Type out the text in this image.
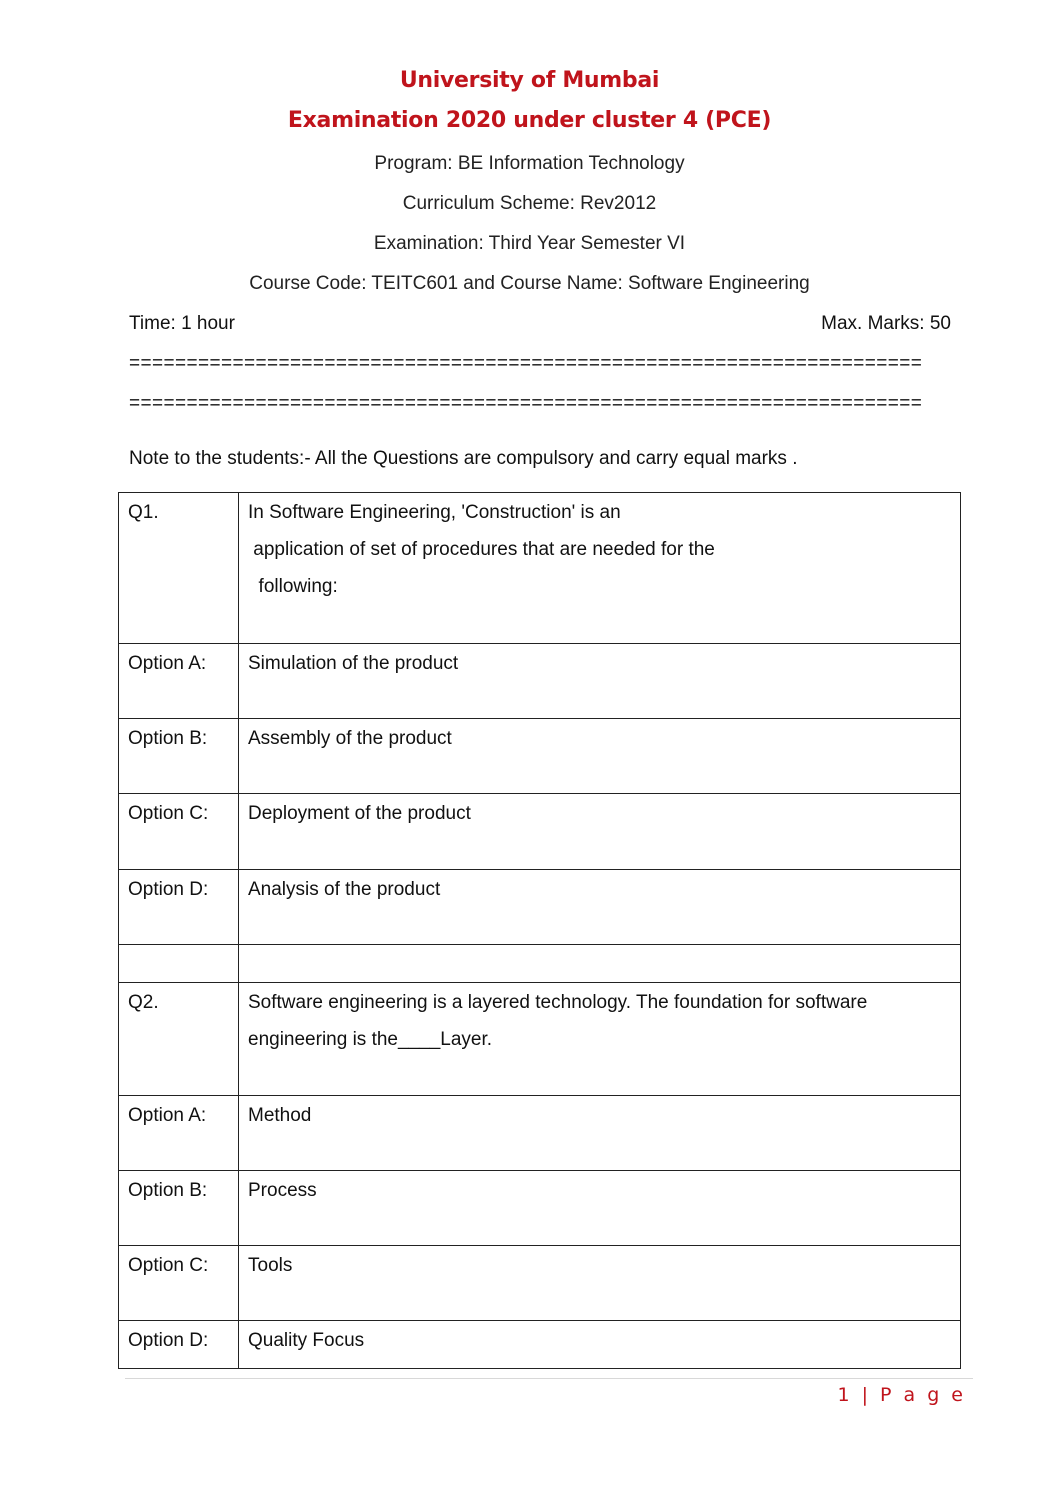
University of Mumbai
Examination 2020 under cluster 4 (PCE)
Program: BE Information Technology
Curriculum Scheme: Rev2012
Examination: Third Year Semester VI
Course Code: TEITC601 and Course Name: Software Engineering
Time: 1 hour	Max. Marks: 50
=====================================================================
=====================================================================
Note to the students:- All the Questions are compulsory and carry equal marks .
Q1.	In Software Engineering, 'Construction' is an
application of set of procedures that are needed for the
following:

Option A:	Simulation of the product

Option B:	Assembly of the product

Option C:	Deployment of the product

Option D:	Analysis of the product

Q2.	Software engineering is a layered technology. The foundation for software
engineering is the____Layer.

Option A:	Method

Option B:	Process

Option C:	Tools

Option D:	Quality Focus
1 | P a g e
